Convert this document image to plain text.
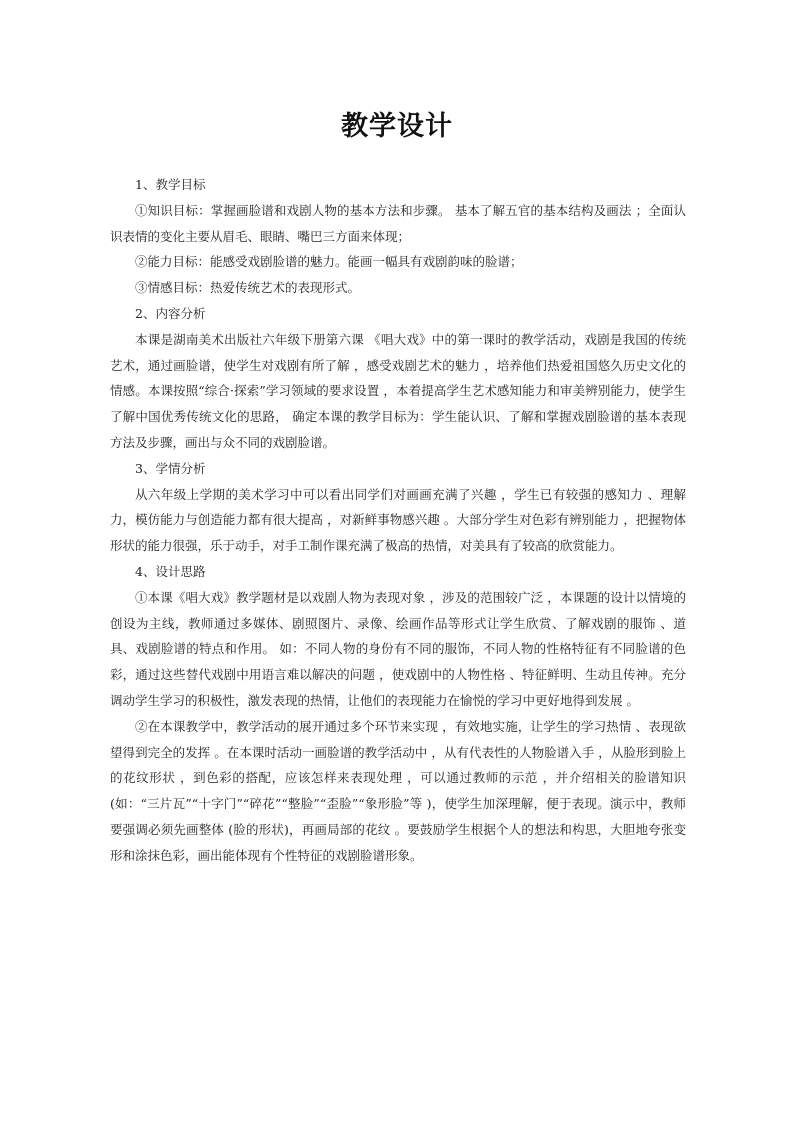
教学设计

1、教学目标

①知识目标：掌握画脸谱和戏剧人物的基本方法和步骤。 基本了解五官的基本结构及画法 ；全面认识表情的变化主要从眉毛、眼睛、嘴巴三方面来体现；

②能力目标：能感受戏剧脸谱的魅力。能画一幅具有戏剧韵味的脸谱；

③情感目标：热爱传统艺术的表现形式。

2、内容分析

本课是湖南美术出版社六年级下册第六课 《唱大戏》中的第一课时的教学活动，戏剧是我国的传统艺术，通过画脸谱，使学生对戏剧有所了解 ，感受戏剧艺术的魅力 ，培养他们热爱祖国悠久历史文化的情感。本课按照“综合·探索”学习领域的要求设置 ，本着提高学生艺术感知能力和审美辨别能力，使学生了解中国优秀传统文化的思路， 确定本课的教学目标为：学生能认识、了解和掌握戏剧脸谱的基本表现方法及步骤，画出与众不同的戏剧脸谱。

3、学情分析

从六年级上学期的美术学习中可以看出同学们对画画充满了兴趣 ，学生已有较强的感知力 、理解力，模仿能力与创造能力都有很大提高 ，对新鲜事物感兴趣 。大部分学生对色彩有辨别能力 ，把握物体形状的能力很强，乐于动手，对手工制作课充满了极高的热情，对美具有了较高的欣赏能力。

4、设计思路

①本课《唱大戏》教学题材是以戏剧人物为表现对象 ，涉及的范围较广泛 ，本课题的设计以情境的创设为主线，教师通过多媒体、剧照图片、录像、绘画作品等形式让学生欣赏、了解戏剧的服饰 、道具、戏剧脸谱的特点和作用。 如：不同人物的身份有不同的服饰，不同人物的性格特征有不同脸谱的色彩，通过这些替代戏剧中用语言难以解决的问题 ，使戏剧中的人物性格 、特征鲜明、生动且传神。充分调动学生学习的积极性，激发表现的热情，让他们的表现能力在愉悦的学习中更好地得到发展 。

②在本课教学中，教学活动的展开通过多个环节来实现 ，有效地实施，让学生的学习热情 、表现欲望得到完全的发挥 。在本课时活动一画脸谱的教学活动中 ，从有代表性的人物脸谱入手 ，从脸形到脸上的花纹形状 ，到色彩的搭配，应该怎样来表现处理 ，可以通过教师的示范 ，并介绍相关的脸谱知识(如：“三片瓦”“十字门”“碎花”“整脸”“歪脸”“象形脸”等 )，使学生加深理解，便于表现。演示中，教师要强调必须先画整体 (脸的形状)，再画局部的花纹 。要鼓励学生根据个人的想法和构思，大胆地夸张变形和涂抹色彩，画出能体现有个性特征的戏剧脸谱形象。
